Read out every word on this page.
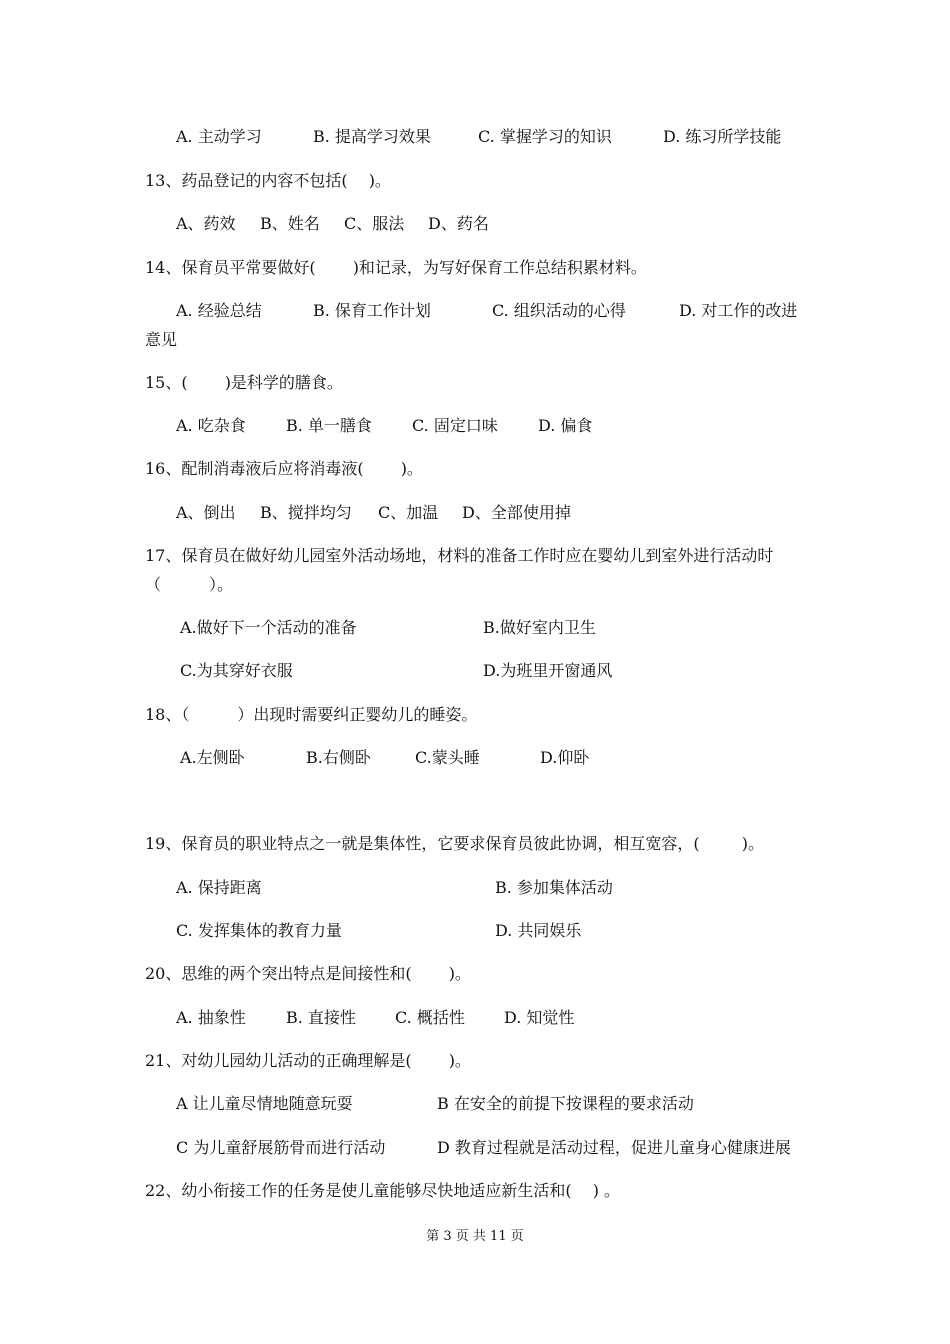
A. 主动学习	B. 提高学习效果	C. 掌握学习的知识	D. 练习所学技能
13、药品登记的内容不包括(　 )。
A、药效 B、姓名 C、服法 D、药名
14、保育员平常要做好(　 　)和记录，为写好保育工作总结积累材料。
A. 经验总结	B. 保育工作计划	C. 组织活动的心得	D. 对工作的改进
意见
15、(　 　)是科学的膳食。
A. 吃杂食	B. 单一膳食	C. 固定口味	D. 偏食
16、配制消毒液后应将消毒液(　 　)。
A、倒出 B、搅拌均匀 C、加温 D、全部使用掉
17、保育员在做好幼儿园室外活动场地，材料的准备工作时应在婴幼儿到室外进行活动时
（　　　）。
A.做好下一个活动的准备	B.做好室内卫生
C.为其穿好衣服	D.为班里开窗通风
18、（　　　）出现时需要纠正婴幼儿的睡姿。
A.左侧卧	B.右侧卧	C.蒙头睡	D.仰卧
19、保育员的职业特点之一就是集体性，它要求保育员彼此协调，相互宽容，(　 　 )。
A. 保持距离	B. 参加集体活动
C. 发挥集体的教育力量	D. 共同娱乐
20、思维的两个突出特点是间接性和(　 　)。
A. 抽象性	B. 直接性 C. 概括性 D. 知觉性
21、对幼儿园幼儿活动的正确理解是(　 　)。
A 让儿童尽情地随意玩耍	B 在安全的前提下按课程的要求活动
C 为儿童舒展筋骨而进行活动	D 教育过程就是活动过程，促进儿童身心健康进展
22、幼小衔接工作的任务是使儿童能够尽快地适应新生活和(　 ) 。
第 3 页 共 11 页
